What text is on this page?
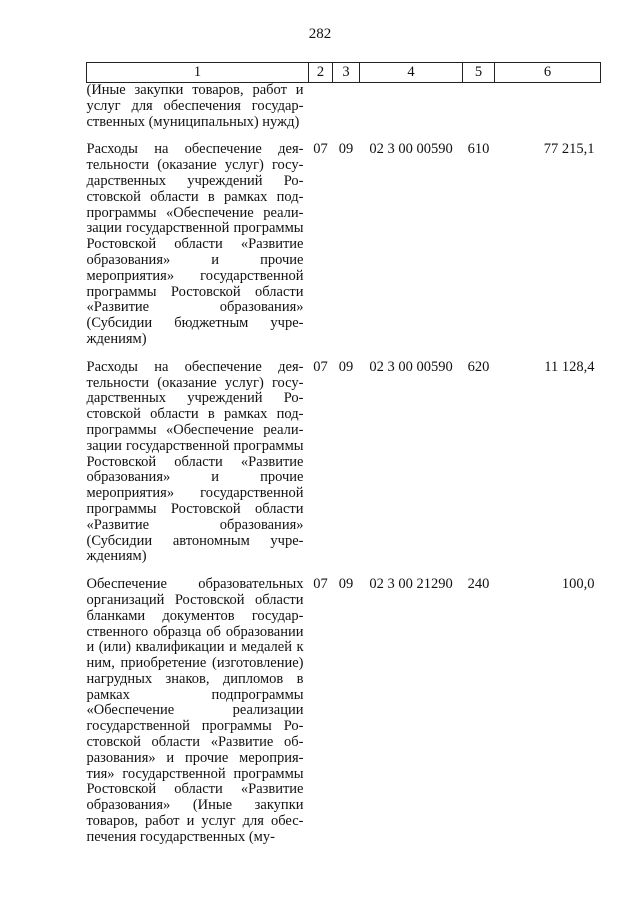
282
1	2	3	4	5	6
(Иные закупки товаров, работ и услуг для обеспечения государственных (муниципальных) нужд)					

Расходы на обеспечение деятельности (оказание услуг) государственных учреждений Ростовской области в рамках подпрограммы «Обеспечение реализации государственной программы Ростовской области «Развитие образования» и прочие мероприятия» государственной программы Ростовской области «Развитие образования» (Субсидии бюджетным учреждениям)	07	09	02 3 00 00590	610	77 215,1

Расходы на обеспечение деятельности (оказание услуг) государственных учреждений Ростовской области в рамках подпрограммы «Обеспечение реализации государственной программы Ростовской области «Развитие образования» и прочие мероприятия» государственной программы Ростовской области «Развитие образования» (Субсидии автономным учреждениям)	07	09	02 3 00 00590	620	11 128,4

Обеспечение образовательных организаций Ростовской области бланками документов государственного образца об образовании и (или) квалификации и медалей к ним, приобретение (изготовление) нагрудных знаков, дипломов в рамках подпрограммы «Обеспечение реализации государственной программы Ростовской области «Развитие образования» и прочие мероприятия» государственной программы Ростовской области «Развитие образования» (Иные закупки товаров, работ и услуг для обеспечения государственных (му-	07	09	02 3 00 21290	240	100,0
